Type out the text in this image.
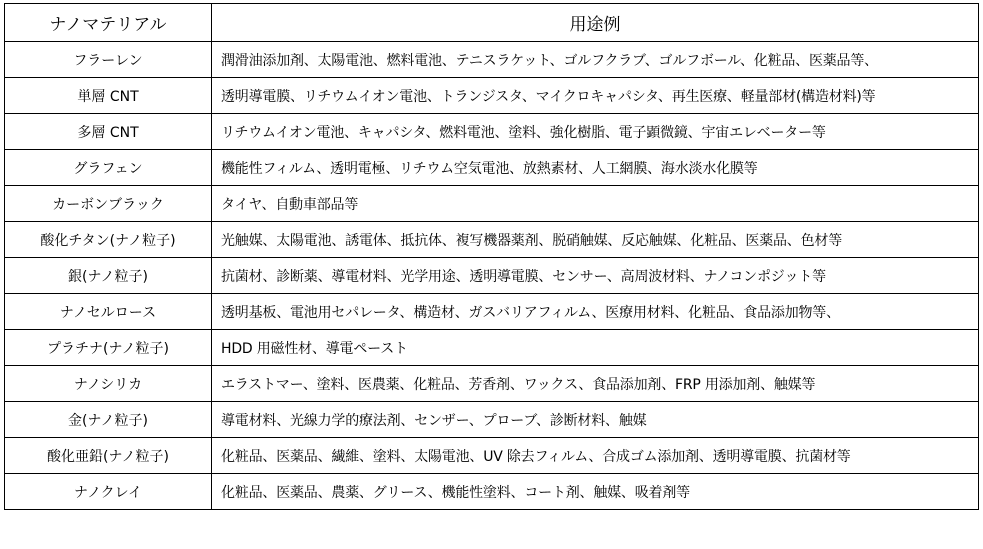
ナノマテリアル	用途例
フラーレン	潤滑油添加剤、太陽電池、燃料電池、テニスラケット、ゴルフクラブ、ゴルフボール、化粧品、医薬品等、
単層 CNT	透明導電膜、リチウムイオン電池、トランジスタ、マイクロキャパシタ、再生医療、軽量部材(構造材料)等
多層 CNT	リチウムイオン電池、キャパシタ、燃料電池、塗料、強化樹脂、電子顕微鏡、宇宙エレベーター等
グラフェン	機能性フィルム、透明電極、リチウム空気電池、放熱素材、人工網膜、海水淡水化膜等
カーボンブラック	タイヤ、自動車部品等
酸化チタン(ナノ粒子)	光触媒、太陽電池、誘電体、抵抗体、複写機器薬剤、脱硝触媒、反応触媒、化粧品、医薬品、色材等
銀(ナノ粒子)	抗菌材、診断薬、導電材料、光学用途、透明導電膜、センサー、高周波材料、ナノコンポジット等
ナノセルロース	透明基板、電池用セパレータ、構造材、ガスバリアフィルム、医療用材料、化粧品、食品添加物等、
プラチナ(ナノ粒子)	HDD 用磁性材、導電ペースト
ナノシリカ	エラストマー、塗料、医農薬、化粧品、芳香剤、ワックス、食品添加剤、FRP 用添加剤、触媒等
金(ナノ粒子)	導電材料、光線力学的療法剤、センザー、プローブ、診断材料、触媒
酸化亜鉛(ナノ粒子)	化粧品、医薬品、繊維、塗料、太陽電池、UV 除去フィルム、合成ゴム添加剤、透明導電膜、抗菌材等
ナノクレイ	化粧品、医薬品、農薬、グリース、機能性塗料、コート剤、触媒、吸着剤等
